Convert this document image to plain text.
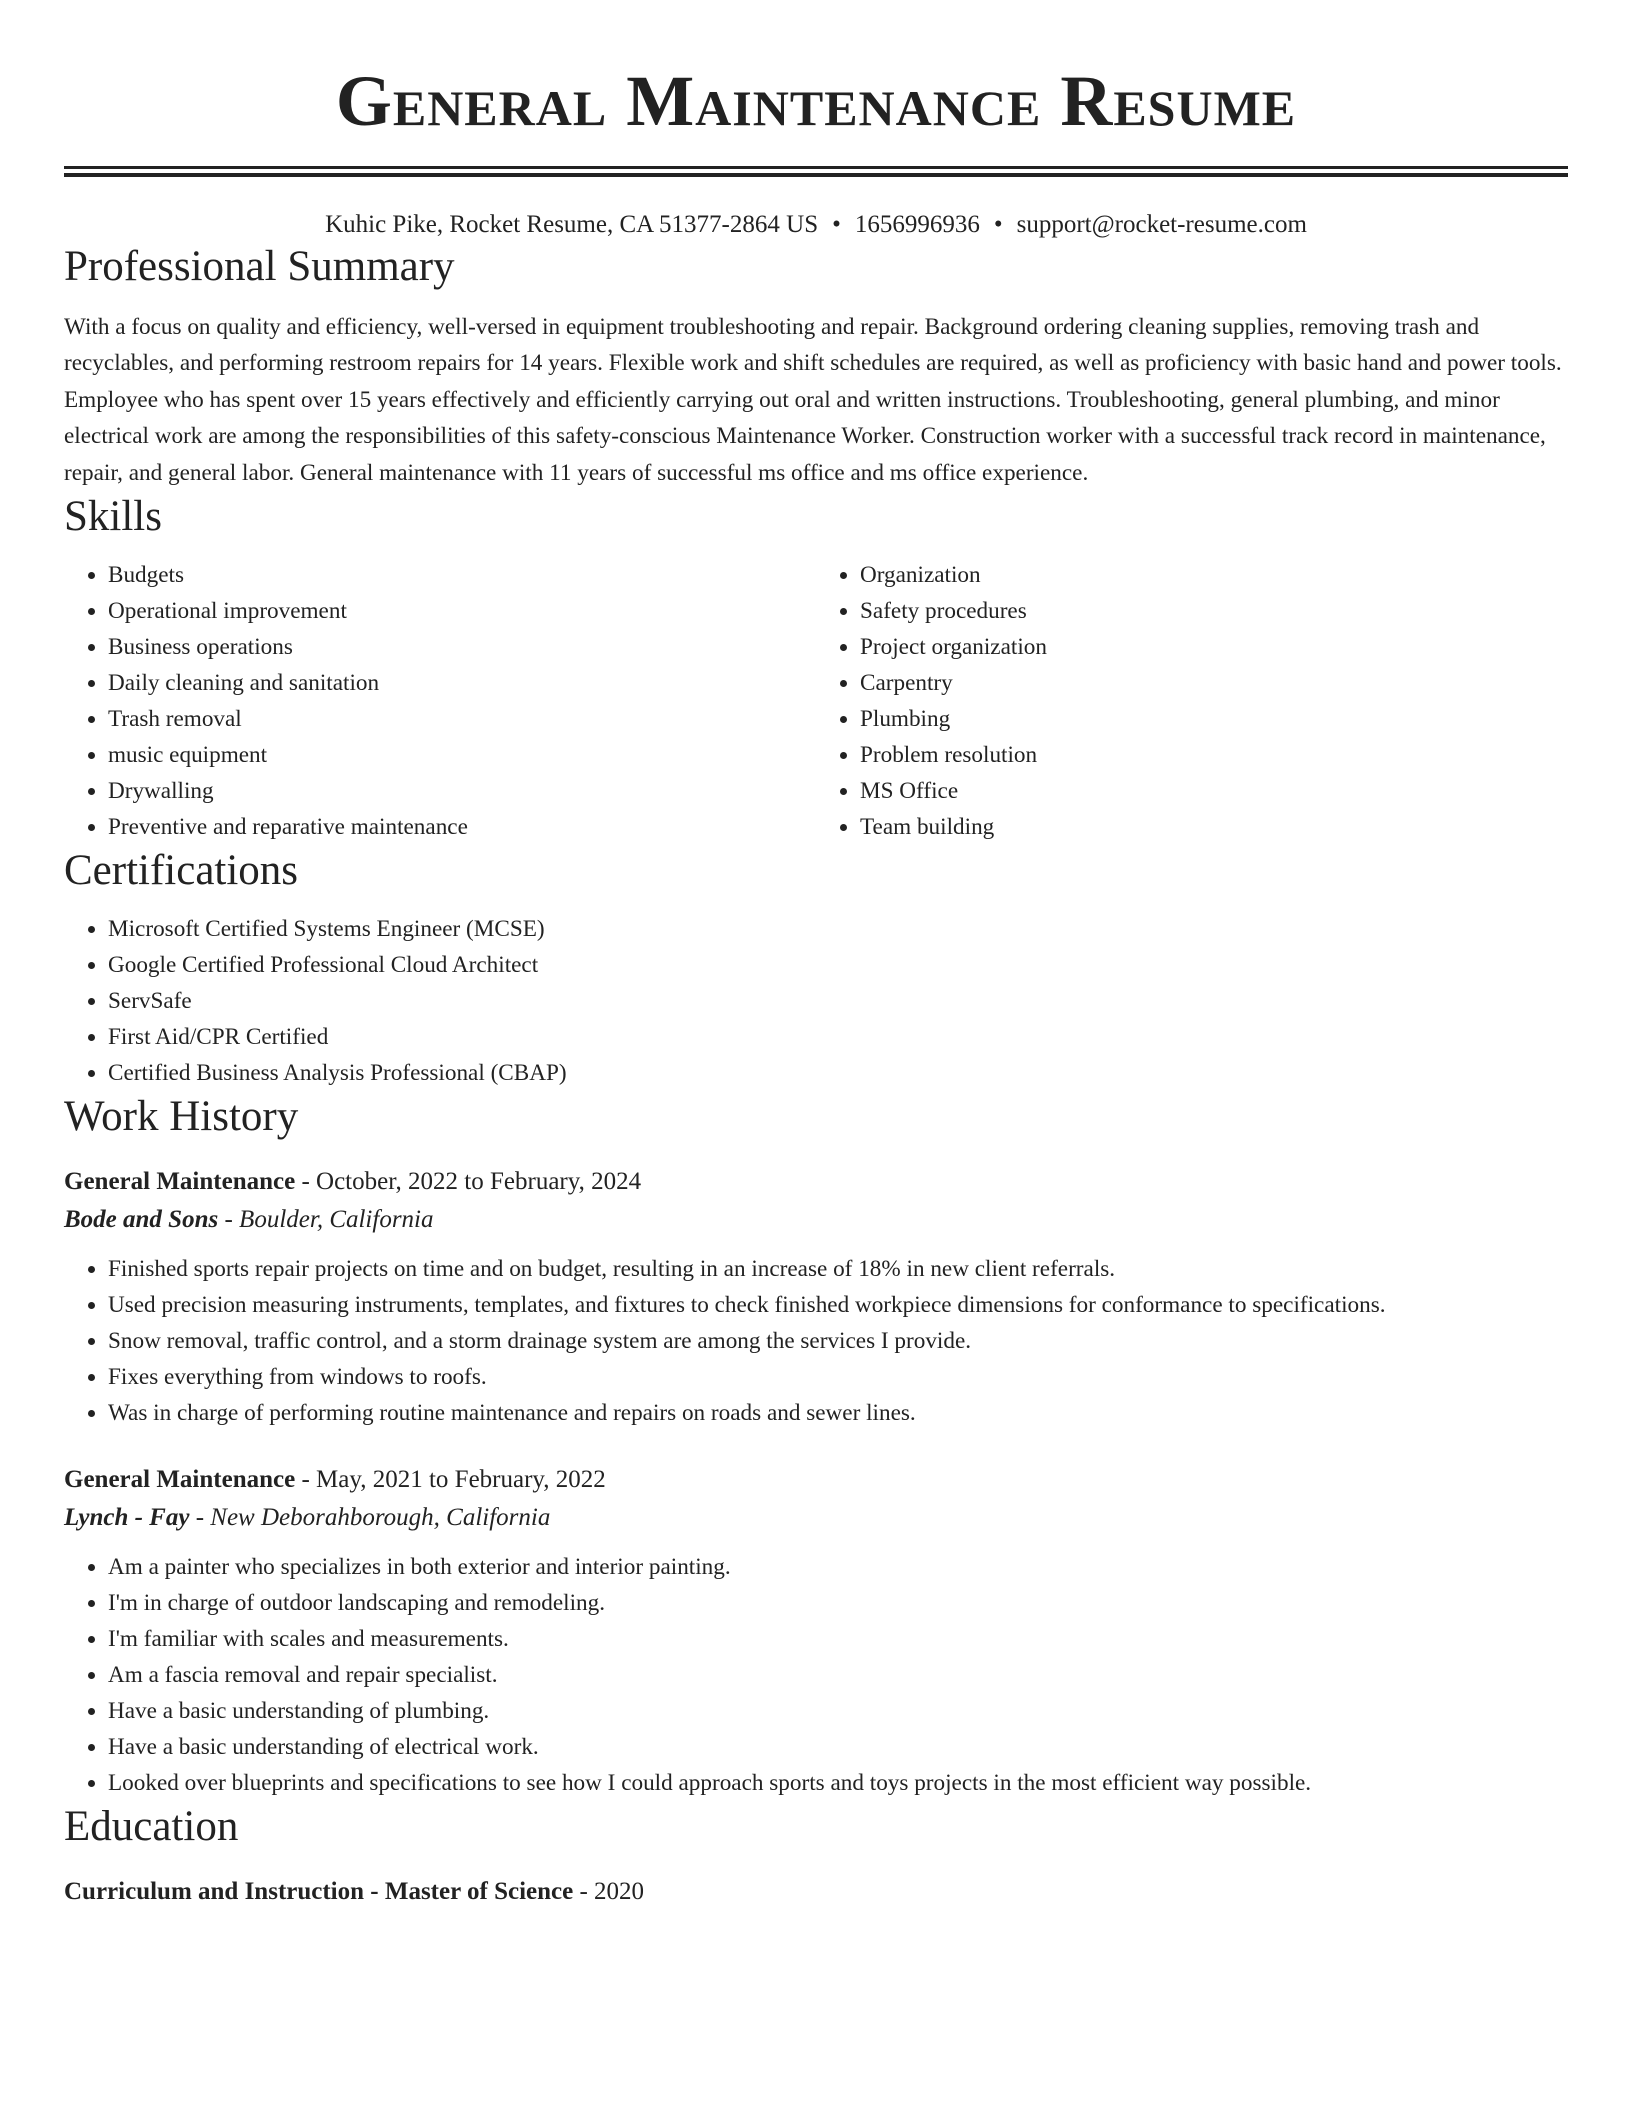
General Maintenance Resume
Kuhic Pike, Rocket Resume, CA 51377-2864 US • 1656996936 • support@rocket-resume.com
Professional Summary

With a focus on quality and efficiency, well-versed in equipment troubleshooting and repair. Background ordering cleaning supplies, removing trash and recyclables, and performing restroom repairs for 14 years. Flexible work and shift schedules are required, as well as proficiency with basic hand and power tools. Employee who has spent over 15 years effectively and efficiently carrying out oral and written instructions. Troubleshooting, general plumbing, and minor electrical work are among the responsibilities of this safety-conscious Maintenance Worker. Construction worker with a successful track record in maintenance, repair, and general labor. General maintenance with 11 years of successful ms office and ms office experience.

Skills
• Budgets
• Operational improvement
• Business operations
• Daily cleaning and sanitation
• Trash removal
• music equipment
• Drywalling
• Preventive and reparative maintenance
• Organization
• Safety procedures
• Project organization
• Carpentry
• Plumbing
• Problem resolution
• MS Office
• Team building
Certifications
• Microsoft Certified Systems Engineer (MCSE)
• Google Certified Professional Cloud Architect
• ServSafe
• First Aid/CPR Certified
• Certified Business Analysis Professional (CBAP)
Work History
General Maintenance - October, 2022 to February, 2024
Bode and Sons - Boulder, California
• Finished sports repair projects on time and on budget, resulting in an increase of 18% in new client referrals.
• Used precision measuring instruments, templates, and fixtures to check finished workpiece dimensions for conformance to specifications.
• Snow removal, traffic control, and a storm drainage system are among the services I provide.
• Fixes everything from windows to roofs.
• Was in charge of performing routine maintenance and repairs on roads and sewer lines.
General Maintenance - May, 2021 to February, 2022
Lynch - Fay - New Deborahborough, California
• Am a painter who specializes in both exterior and interior painting.
• I'm in charge of outdoor landscaping and remodeling.
• I'm familiar with scales and measurements.
• Am a fascia removal and repair specialist.
• Have a basic understanding of plumbing.
• Have a basic understanding of electrical work.
• Looked over blueprints and specifications to see how I could approach sports and toys projects in the most efficient way possible.
Education
Curriculum and Instruction - Master of Science - 2020
